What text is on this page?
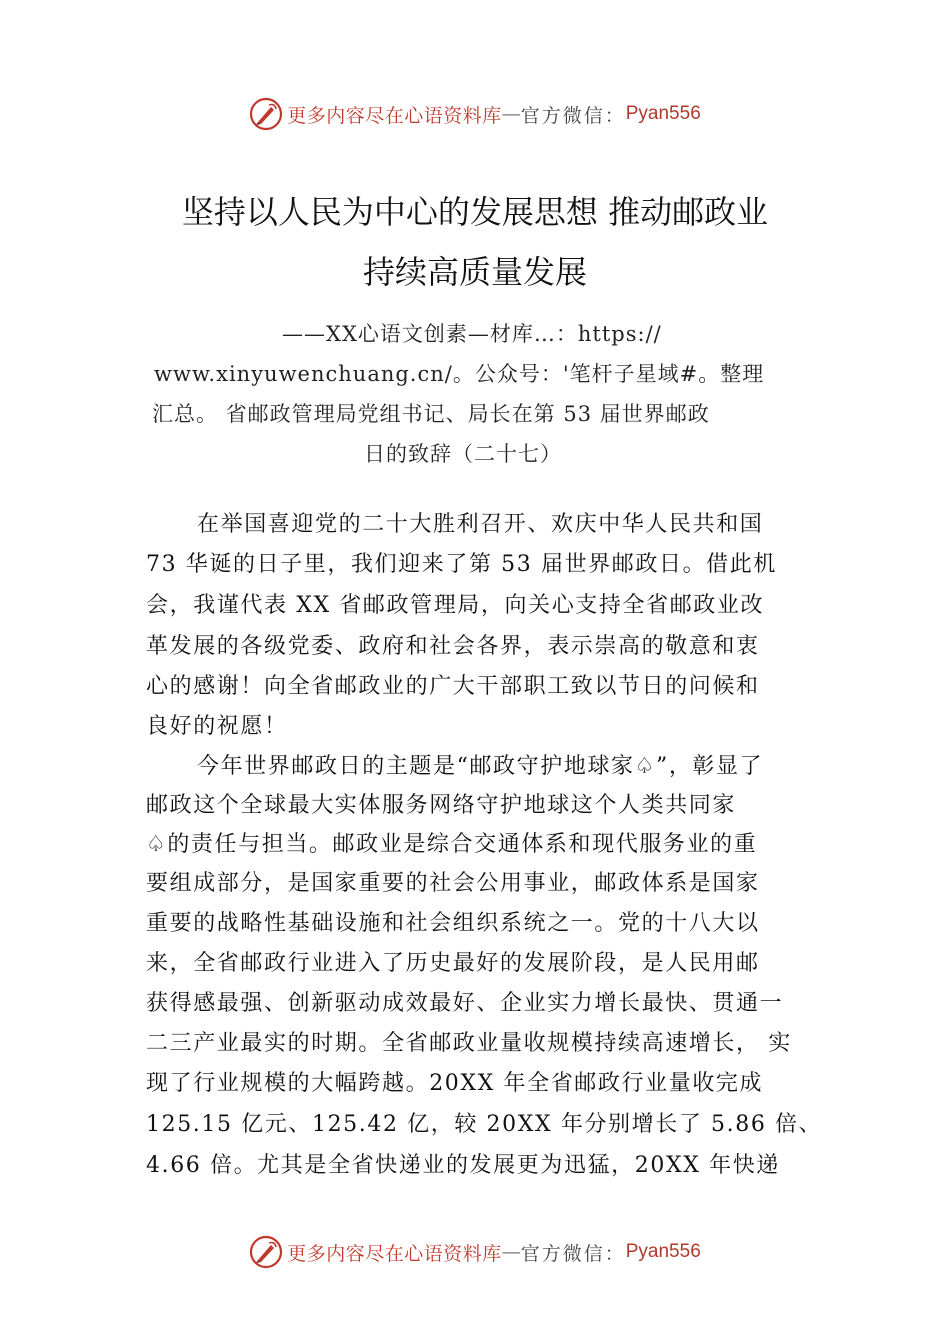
更多内容尽在心语资料库 — 官方微信： Pyan556
坚持以人民为中心的发展思想 推动邮政业
持续高质量发展
——XX心语文创素—材库…：https://
www.xinyuwenchuang.cn/。公众号：'笔杆子星域#。整理
汇总。 省邮政管理局党组书记、局长在第 53 届世界邮政
日的致辞（二十七）
在举国喜迎党的二十大胜利召开、欢庆中华人民共和国
73 华诞的日子里，我们迎来了第 53 届世界邮政日。借此机
会，我谨代表 XX 省邮政管理局，向关心支持全省邮政业改
革发展的各级党委、政府和社会各界，表示崇高的敬意和衷
心的感谢！向全省邮政业的广大干部职工致以节日的问候和
良好的祝愿！
今年世界邮政日的主题是“邮政守护地球家♤”，彰显了
邮政这个全球最大实体服务网络守护地球这个人类共同家
♤的责任与担当。邮政业是综合交通体系和现代服务业的重
要组成部分，是国家重要的社会公用事业，邮政体系是国家
重要的战略性基础设施和社会组织系统之一。党的十八大以
来，全省邮政行业进入了历史最好的发展阶段，是人民用邮
获得感最强、创新驱动成效最好、企业实力增长最快、贯通一
二三产业最实的时期。全省邮政业量收规模持续高速增长， 实
现了行业规模的大幅跨越。20XX 年全省邮政行业量收完成
125.15 亿元、125.42 亿，较 20XX 年分别增长了 5.86 倍、
4.66 倍。尤其是全省快递业的发展更为迅猛，20XX 年快递
更多内容尽在心语资料库 — 官方微信： Pyan556
